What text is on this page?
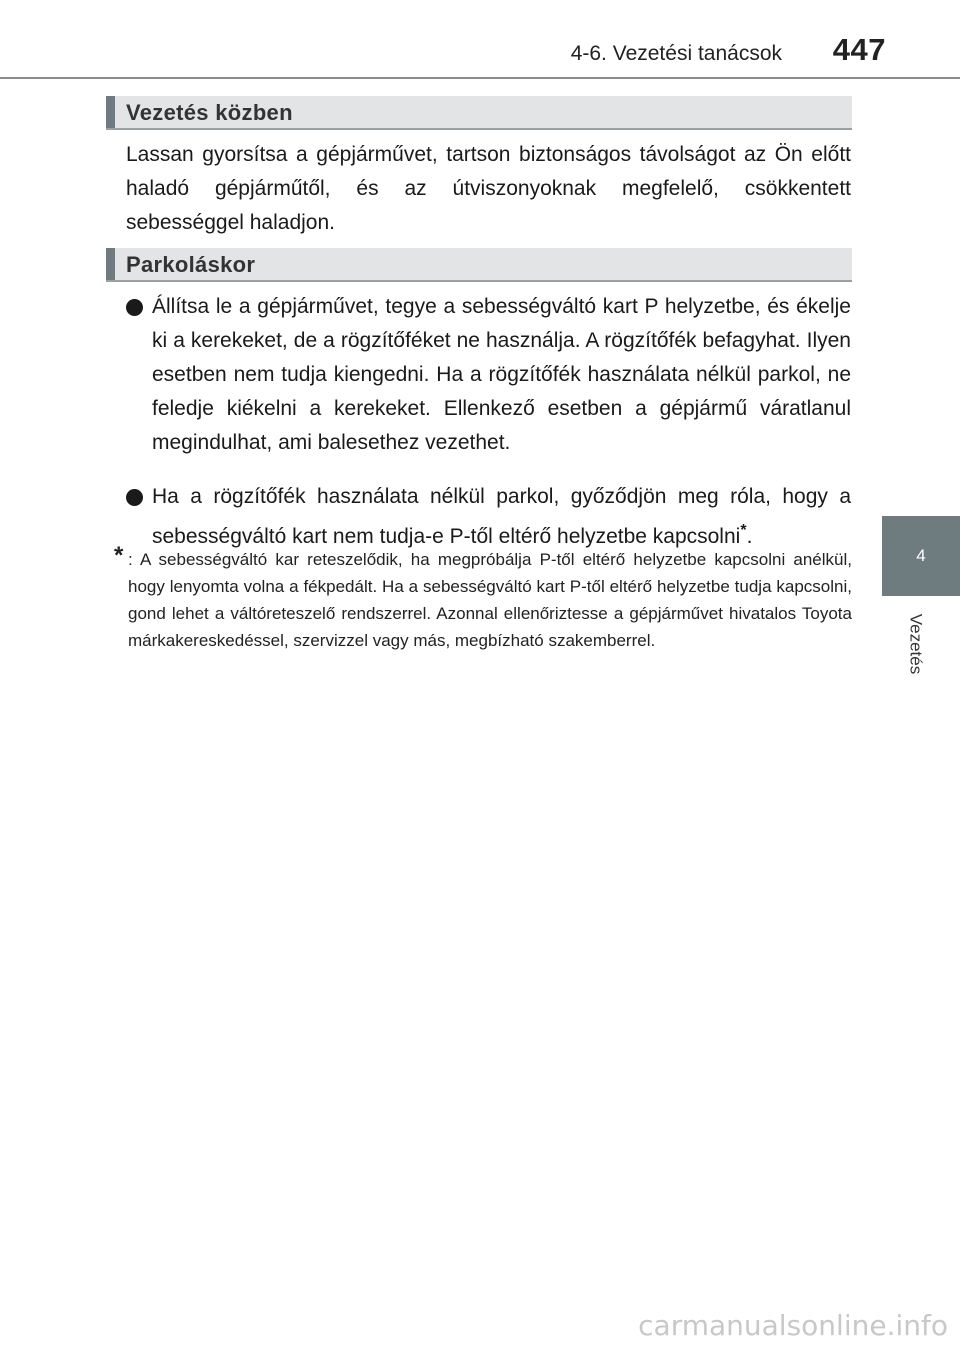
4-6. Vezetési tanácsok 447
4
Vezetés
Vezetés közben

Lassan gyorsítsa a gépjárművet, tartson biztonságos távolságot az Ön előtt haladó gépjárműtől, és az útviszonyoknak megfelelő, csökkentett sebességgel haladjon.

Parkoláskor
Állítsa le a gépjárművet, tegye a sebességváltó kart P helyzetbe, és ékelje ki a kerekeket, de a rögzítőféket ne használja. A rögzítőfék befagyhat. Ilyen esetben nem tudja kiengedni. Ha a rögzítőfék használata nélkül parkol, ne feledje kiékelni a kerekeket. Ellenkező esetben a gépjármű váratlanul megindulhat, ami balesethez vezethet.
Ha a rögzítőfék használata nélkül parkol, győződjön meg róla, hogy a sebességváltó kart nem tudja-e P-től eltérő helyzetbe kapcsolni*.
* : A sebességváltó kar reteszelődik, ha megpróbálja P-től eltérő helyzetbe kapcsolni anélkül, hogy lenyomta volna a fékpedált. Ha a sebességváltó kart P-től eltérő helyzetbe tudja kapcsolni, gond lehet a váltóreteszelő rendszerrel. Azonnal ellenőriztesse a gépjárművet hivatalos Toyota márkakereskedéssel, szervizzel vagy más, megbízható szakemberrel.
carmanualsonline.info
